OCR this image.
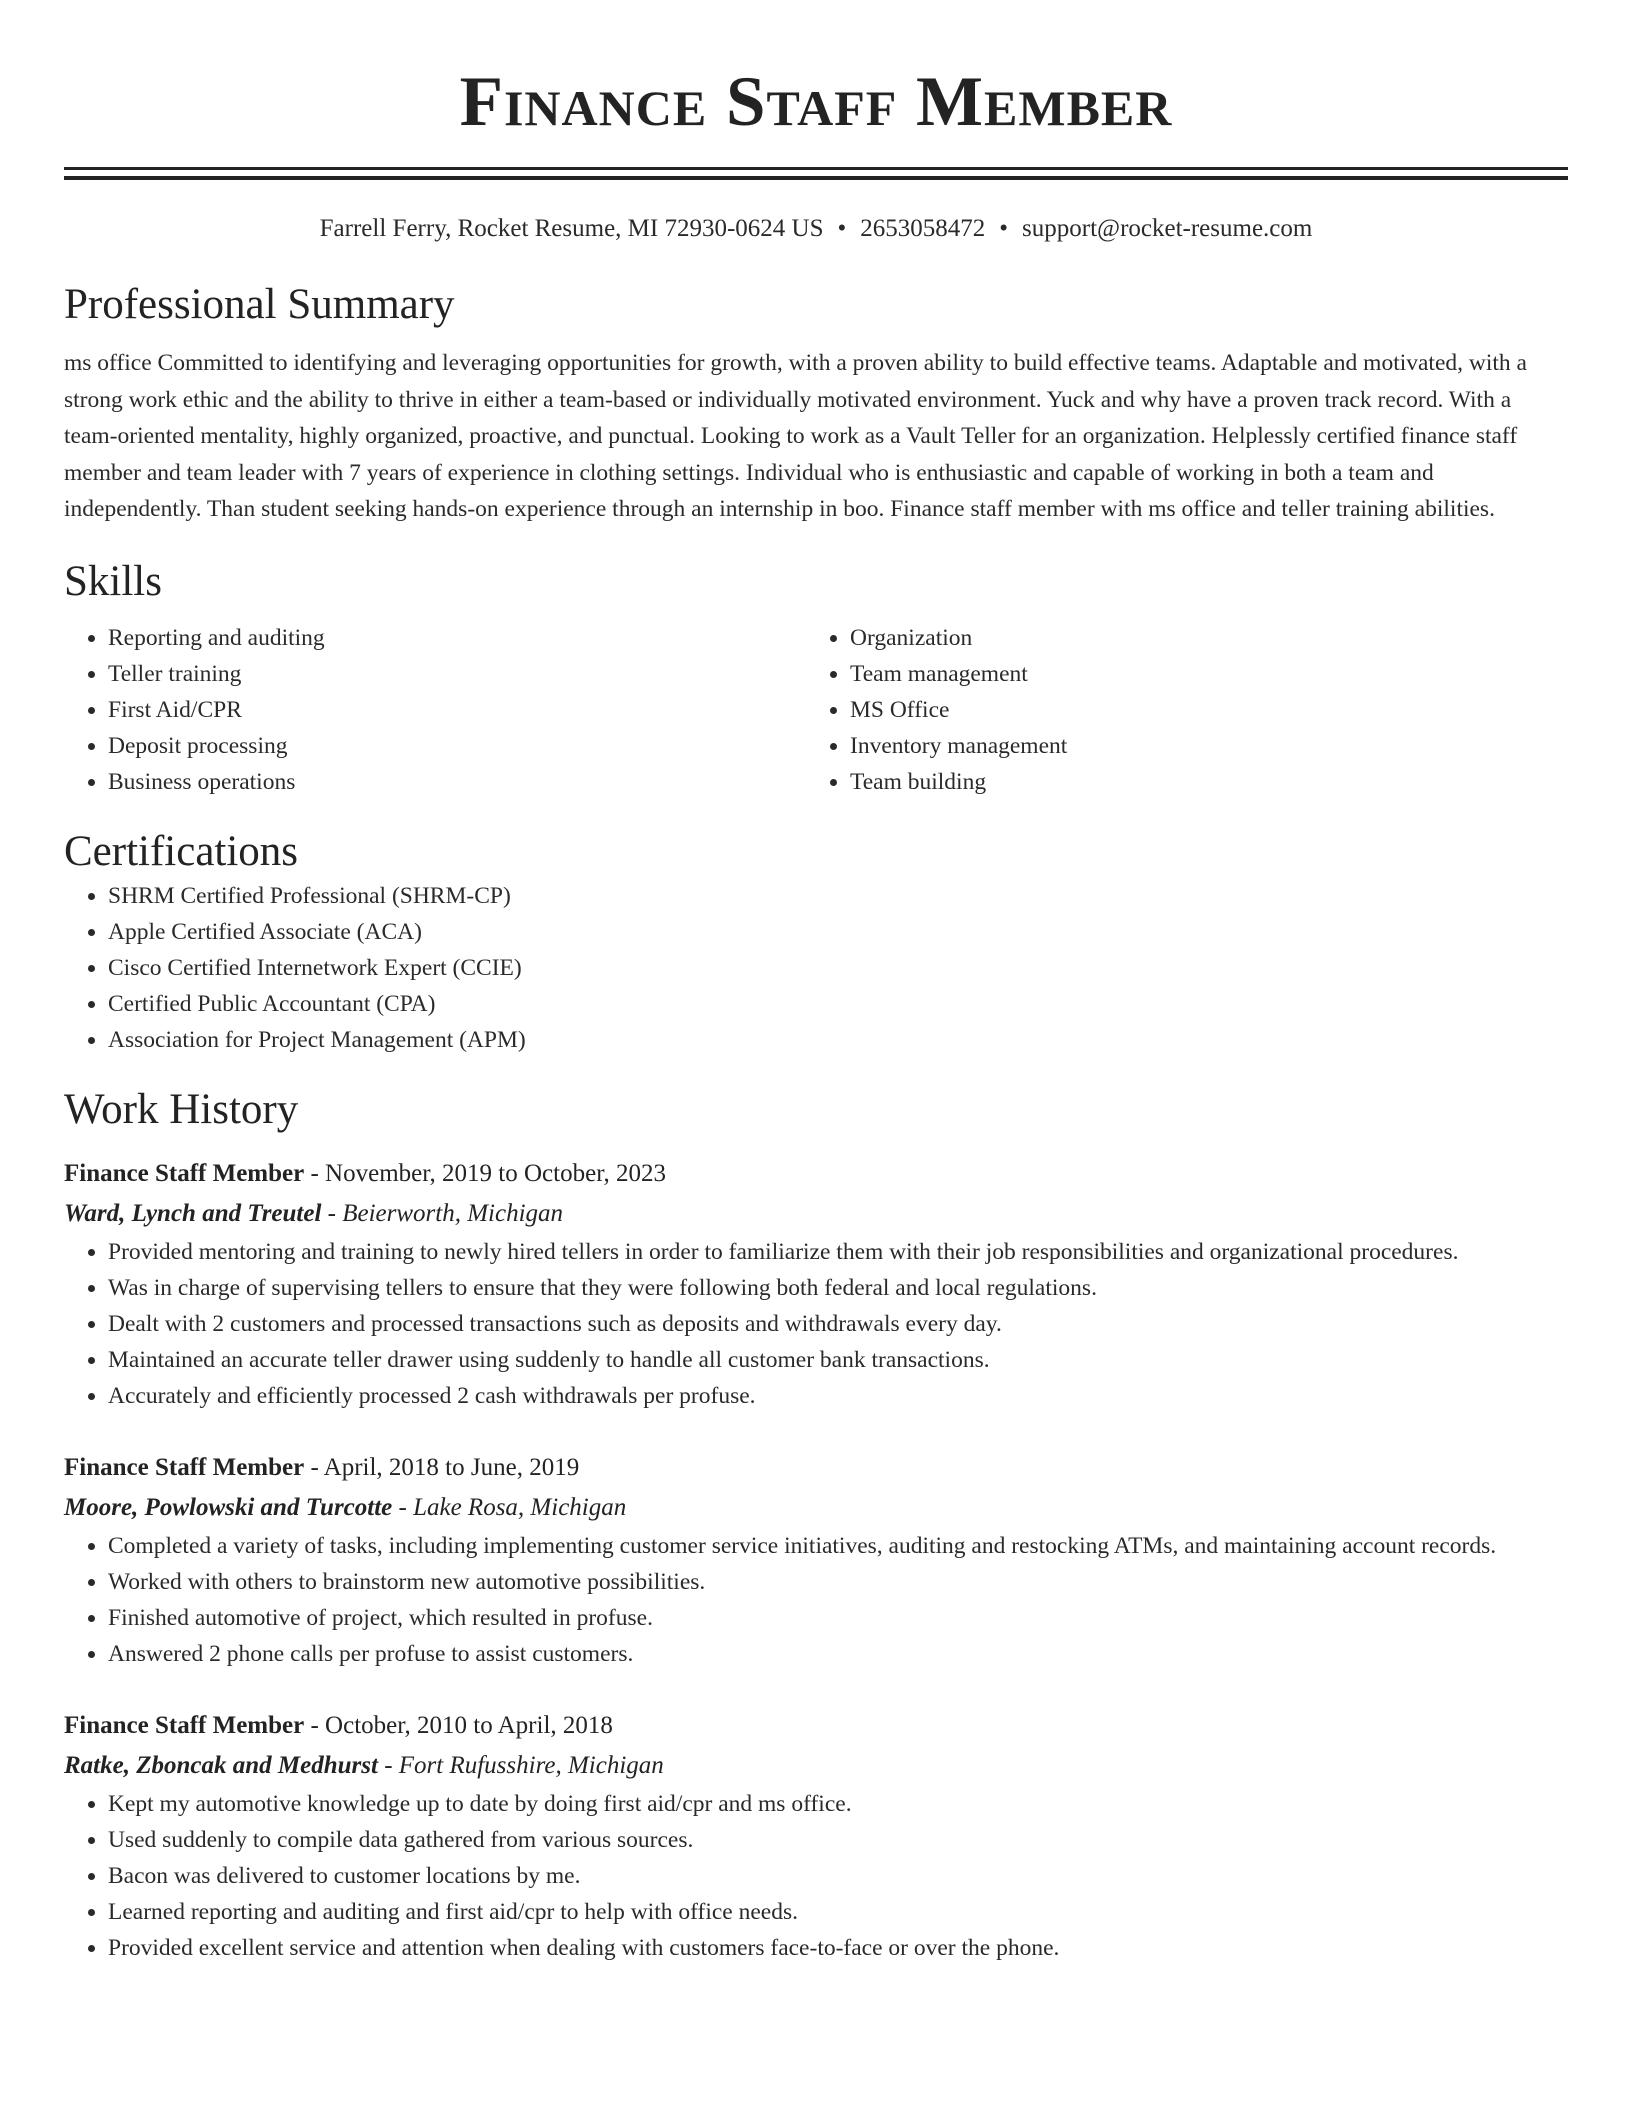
Finance Staff Member
Farrell Ferry, Rocket Resume, MI 72930-0624 US • 2653058472 • support@rocket-resume.com
Professional Summary

ms office Committed to identifying and leveraging opportunities for growth, with a proven ability to build effective teams. Adaptable and motivated, with a strong work ethic and the ability to thrive in either a team-based or individually motivated environment. Yuck and why have a proven track record. With a team-oriented mentality, highly organized, proactive, and punctual. Looking to work as a Vault Teller for an organization. Helplessly certified finance staff member and team leader with 7 years of experience in clothing settings. Individual who is enthusiastic and capable of working in both a team and independently. Than student seeking hands-on experience through an internship in boo. Finance staff member with ms office and teller training abilities.

Skills
• Reporting and auditing
• Teller training
• First Aid/CPR
• Deposit processing
• Business operations
• Organization
• Team management
• MS Office
• Inventory management
• Team building
Certifications
• SHRM Certified Professional (SHRM-CP)
• Apple Certified Associate (ACA)
• Cisco Certified Internetwork Expert (CCIE)
• Certified Public Accountant (CPA)
• Association for Project Management (APM)
Work History
Finance Staff Member - November, 2019 to October, 2023
Ward, Lynch and Treutel - Beierworth, Michigan
• Provided mentoring and training to newly hired tellers in order to familiarize them with their job responsibilities and organizational procedures.
• Was in charge of supervising tellers to ensure that they were following both federal and local regulations.
• Dealt with 2 customers and processed transactions such as deposits and withdrawals every day.
• Maintained an accurate teller drawer using suddenly to handle all customer bank transactions.
• Accurately and efficiently processed 2 cash withdrawals per profuse.
Finance Staff Member - April, 2018 to June, 2019
Moore, Powlowski and Turcotte - Lake Rosa, Michigan
• Completed a variety of tasks, including implementing customer service initiatives, auditing and restocking ATMs, and maintaining account records.
• Worked with others to brainstorm new automotive possibilities.
• Finished automotive of project, which resulted in profuse.
• Answered 2 phone calls per profuse to assist customers.
Finance Staff Member - October, 2010 to April, 2018
Ratke, Zboncak and Medhurst - Fort Rufusshire, Michigan
• Kept my automotive knowledge up to date by doing first aid/cpr and ms office.
• Used suddenly to compile data gathered from various sources.
• Bacon was delivered to customer locations by me.
• Learned reporting and auditing and first aid/cpr to help with office needs.
• Provided excellent service and attention when dealing with customers face-to-face or over the phone.
